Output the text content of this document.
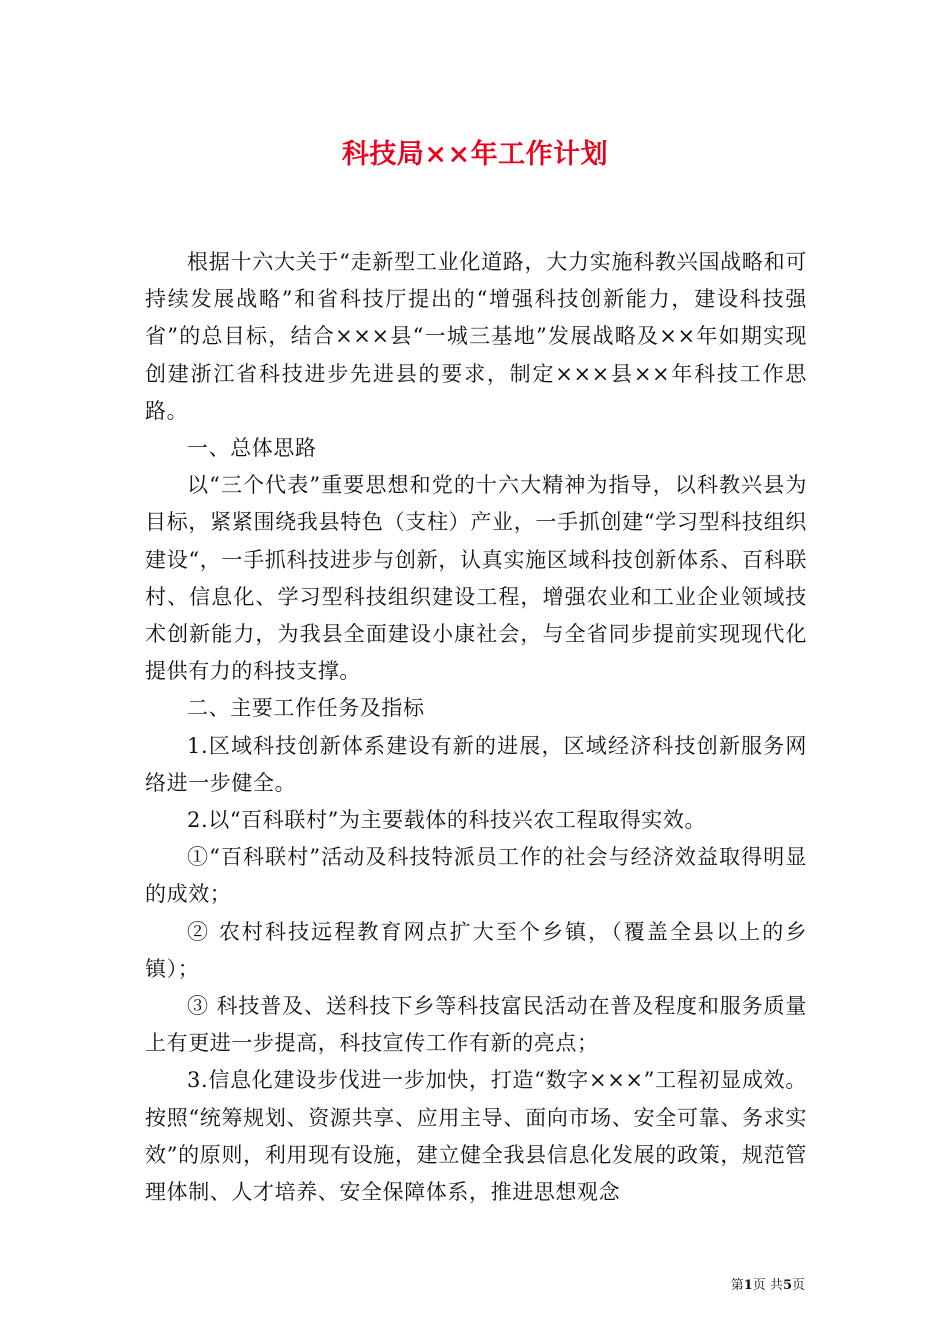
科技局××年工作计划

根据十六大关于“走新型工业化道路，大力实施科教兴国战略和可持续发展战略”和省科技厅提出的“增强科技创新能力，建设科技强省”的总目标，结合×××县“一城三基地”发展战略及××年如期实现创建浙江省科技进步先进县的要求，制定×××县××年科技工作思路。

一、总体思路

以“三个代表”重要思想和党的十六大精神为指导，以科教兴县为目标，紧紧围绕我县特色（支柱）产业，一手抓创建“学习型科技组织建设“，一手抓科技进步与创新，认真实施区域科技创新体系、百科联村、信息化、学习型科技组织建设工程，增强农业和工业企业领域技术创新能力，为我县全面建设小康社会，与全省同步提前实现现代化提供有力的科技支撑。

二、主要工作任务及指标

1.区域科技创新体系建设有新的进展，区域经济科技创新服务网络进一步健全。

2.以“百科联村”为主要载体的科技兴农工程取得实效。

①“百科联村”活动及科技特派员工作的社会与经济效益取得明显的成效；

② 农村科技远程教育网点扩大至个乡镇，（覆盖全县以上的乡镇）；

③ 科技普及、送科技下乡等科技富民活动在普及程度和服务质量上有更进一步提高，科技宣传工作有新的亮点；

3.信息化建设步伐进一步加快，打造“数字×××”工程初显成效。按照“统筹规划、资源共享、应用主导、面向市场、安全可靠、务求实效”的原则，利用现有设施，建立健全我县信息化发展的政策，规范管理体制、人才培养、安全保障体系，推进思想观念

第1页 共5页
